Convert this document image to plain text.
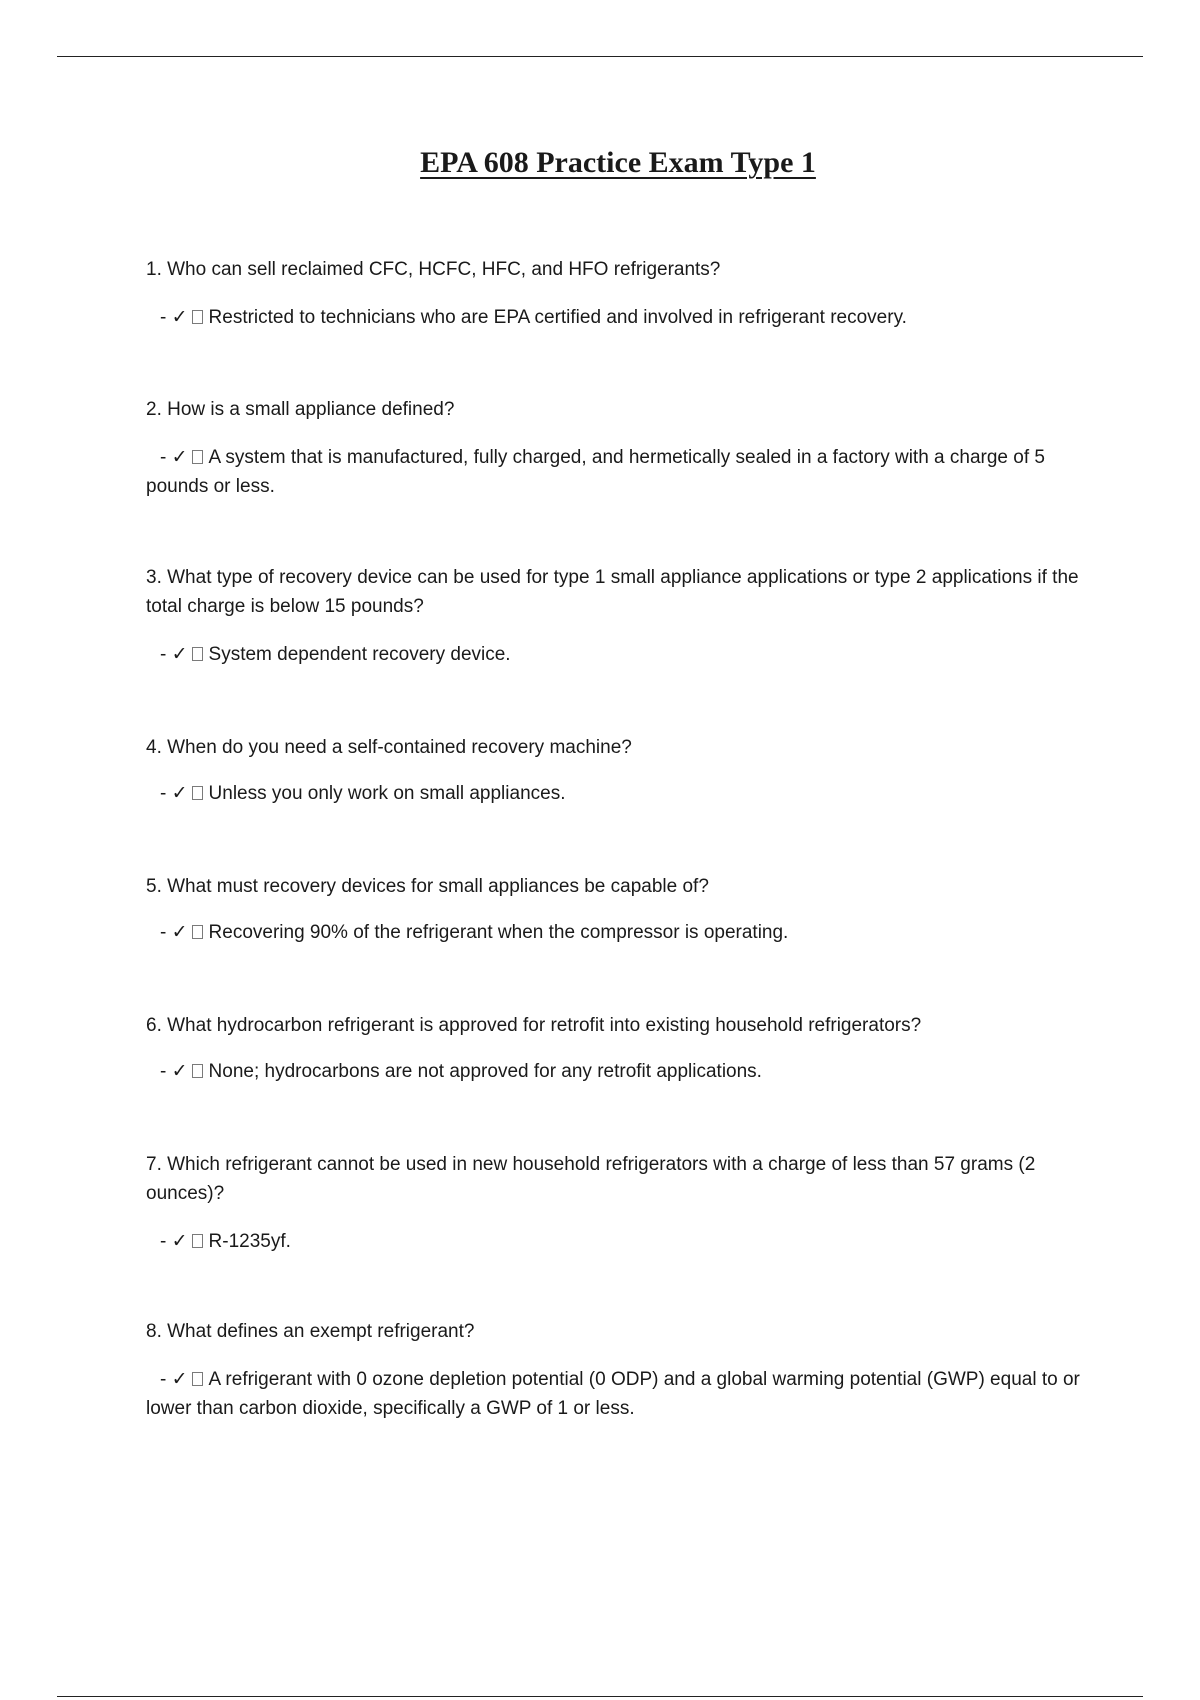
EPA 608 Practice Exam Type 1

1. Who can sell reclaimed CFC, HCFC, HFC, and HFO refrigerants?

- ✓ Restricted to technicians who are EPA certified and involved in refrigerant recovery.

2. How is a small appliance defined?

- ✓ A system that is manufactured, fully charged, and hermetically sealed in a factory with a charge of 5 pounds or less.

3. What type of recovery device can be used for type 1 small appliance applications or type 2 applications if the total charge is below 15 pounds?

- ✓ System dependent recovery device.

4. When do you need a self-contained recovery machine?

- ✓ Unless you only work on small appliances.

5. What must recovery devices for small appliances be capable of?

- ✓ Recovering 90% of the refrigerant when the compressor is operating.

6. What hydrocarbon refrigerant is approved for retrofit into existing household refrigerators?

- ✓ None; hydrocarbons are not approved for any retrofit applications.

7. Which refrigerant cannot be used in new household refrigerators with a charge of less than 57 grams (2 ounces)?

- ✓ R-1235yf.

8. What defines an exempt refrigerant?

- ✓ A refrigerant with 0 ozone depletion potential (0 ODP) and a global warming potential (GWP) equal to or lower than carbon dioxide, specifically a GWP of 1 or less.
